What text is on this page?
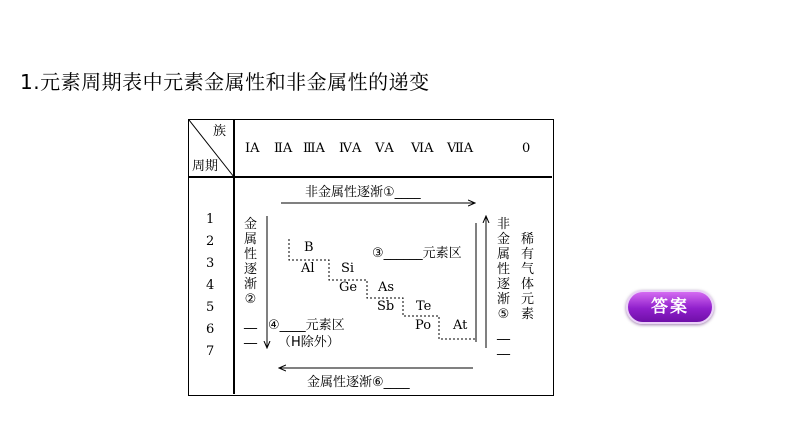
1.元素周期表中元素金属性和非金属性的递变
族
周期
ⅠA ⅡA ⅢA ⅣA ⅤA ⅥA ⅦA	0
1
2
3
4
5
6
7
非金属性逐渐①____
金属性逐渐⑥____
金
属
性
逐
渐
②
__
__
非
金
属
性
逐
渐
⑤
__
__
稀
有
气
体
元
素
B
Al Si
Ge As
Sb Te
Po At
③______元素区
④____元素区
（H除外）
答案
